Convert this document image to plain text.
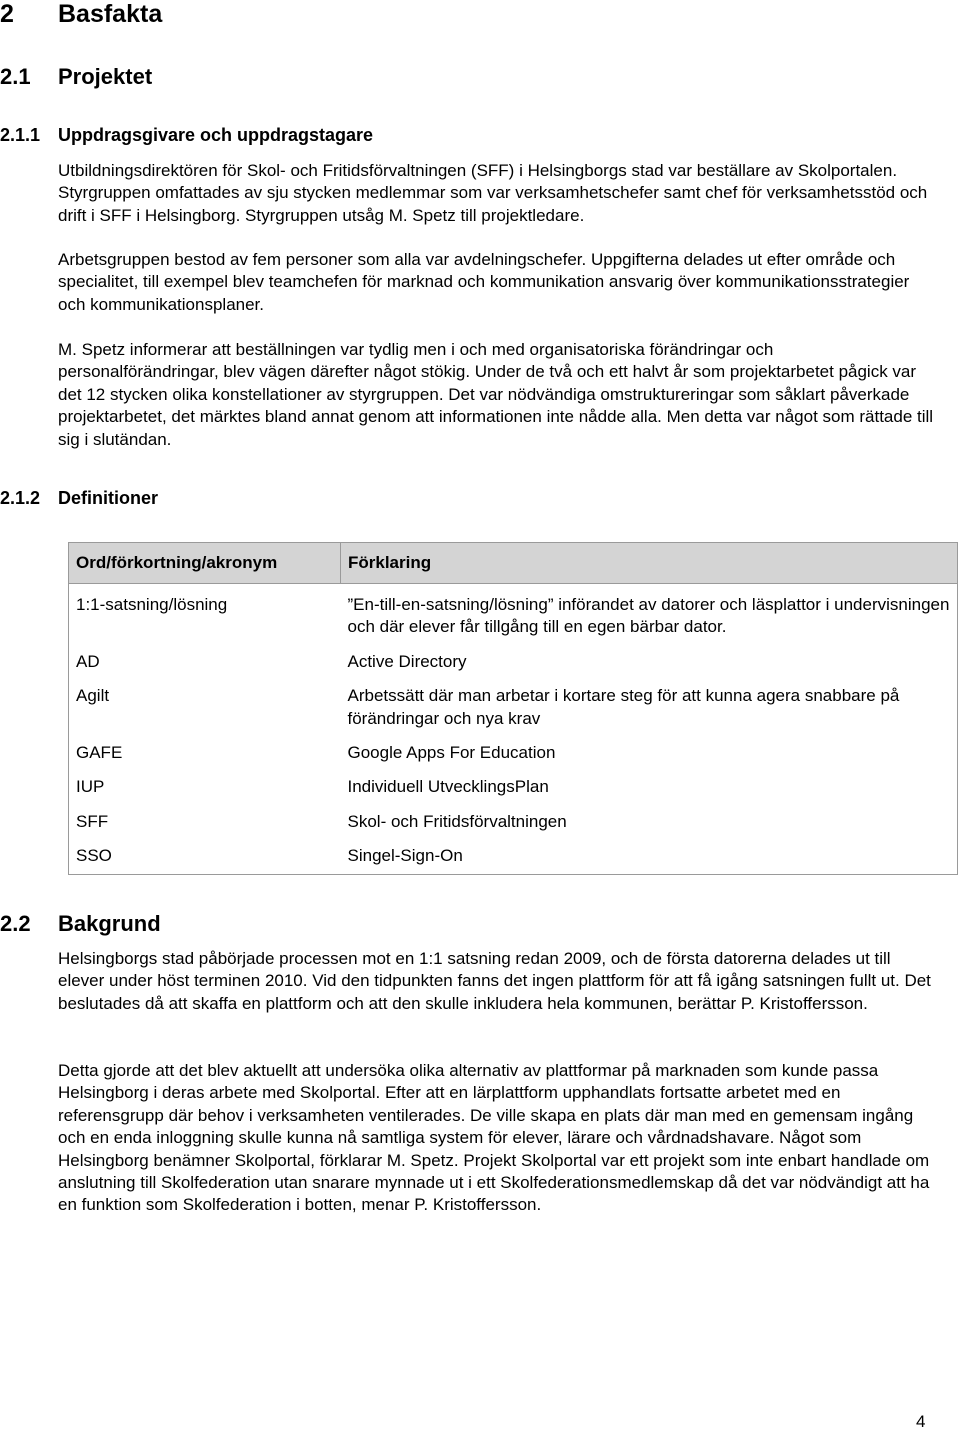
2 Basfakta
2.1 Projektet
2.1.1 Uppdragsgivare och uppdragstagare

Utbildningsdirektören för Skol- och Fritidsförvaltningen (SFF) i Helsingborgs stad var beställare av Skolportalen. Styrgruppen omfattades av sju stycken medlemmar som var verksamhetschefer samt chef för verksamhetsstöd och drift i SFF i Helsingborg. Styrgruppen utsåg M. Spetz till projektledare.

Arbetsgruppen bestod av fem personer som alla var avdelningschefer. Uppgifterna delades ut efter område och specialitet, till exempel blev teamchefen för marknad och kommunikation ansvarig över kommunikationsstrategier och kommunikationsplaner.

M. Spetz informerar att beställningen var tydlig men i och med organisatoriska förändringar och personalförändringar, blev vägen därefter något stökig. Under de två och ett halvt år som projektarbetet pågick var det 12 stycken olika konstellationer av styrgruppen. Det var nödvändiga omstruktureringar som såklart påverkade projektarbetet, det märktes bland annat genom att informationen inte nådde alla. Men detta var något som rättade till sig i slutändan.

2.1.2 Definitioner
Ord/förkortning/akronym	Förklaring

1:1-satsning/lösning	”En-till-en-satsning/lösning” införandet av datorer och läsplattor i undervisningen och där elever får tillgång till en egen bärbar dator.
AD	Active Directory
Agilt	Arbetssätt där man arbetar i kortare steg för att kunna agera snabbare på förändringar och nya krav
GAFE	Google Apps For Education
IUP	Individuell UtvecklingsPlan
SFF	Skol- och Fritidsförvaltningen
SSO	Singel-Sign-On
2.2 Bakgrund

Helsingborgs stad påbörjade processen mot en 1:1 satsning redan 2009, och de första datorerna delades ut till elever under höst terminen 2010. Vid den tidpunkten fanns det ingen plattform för att få igång satsningen fullt ut. Det beslutades då att skaffa en plattform och att den skulle inkludera hela kommunen, berättar P. Kristoffersson.

Detta gjorde att det blev aktuellt att undersöka olika alternativ av plattformar på marknaden som kunde passa Helsingborg i deras arbete med Skolportal. Efter att en lärplattform upphandlats fortsatte arbetet med en referensgrupp där behov i verksamheten ventilerades. De ville skapa en plats där man med en gemensam ingång och en enda inloggning skulle kunna nå samtliga system för elever, lärare och vårdnadshavare. Något som Helsingborg benämner Skolportal, förklarar M. Spetz. Projekt Skolportal var ett projekt som inte enbart handlade om anslutning till Skolfederation utan snarare mynnade ut i ett Skolfederationsmedlemskap då det var nödvändigt att ha en funktion som Skolfederation i botten, menar P. Kristoffersson.

4
